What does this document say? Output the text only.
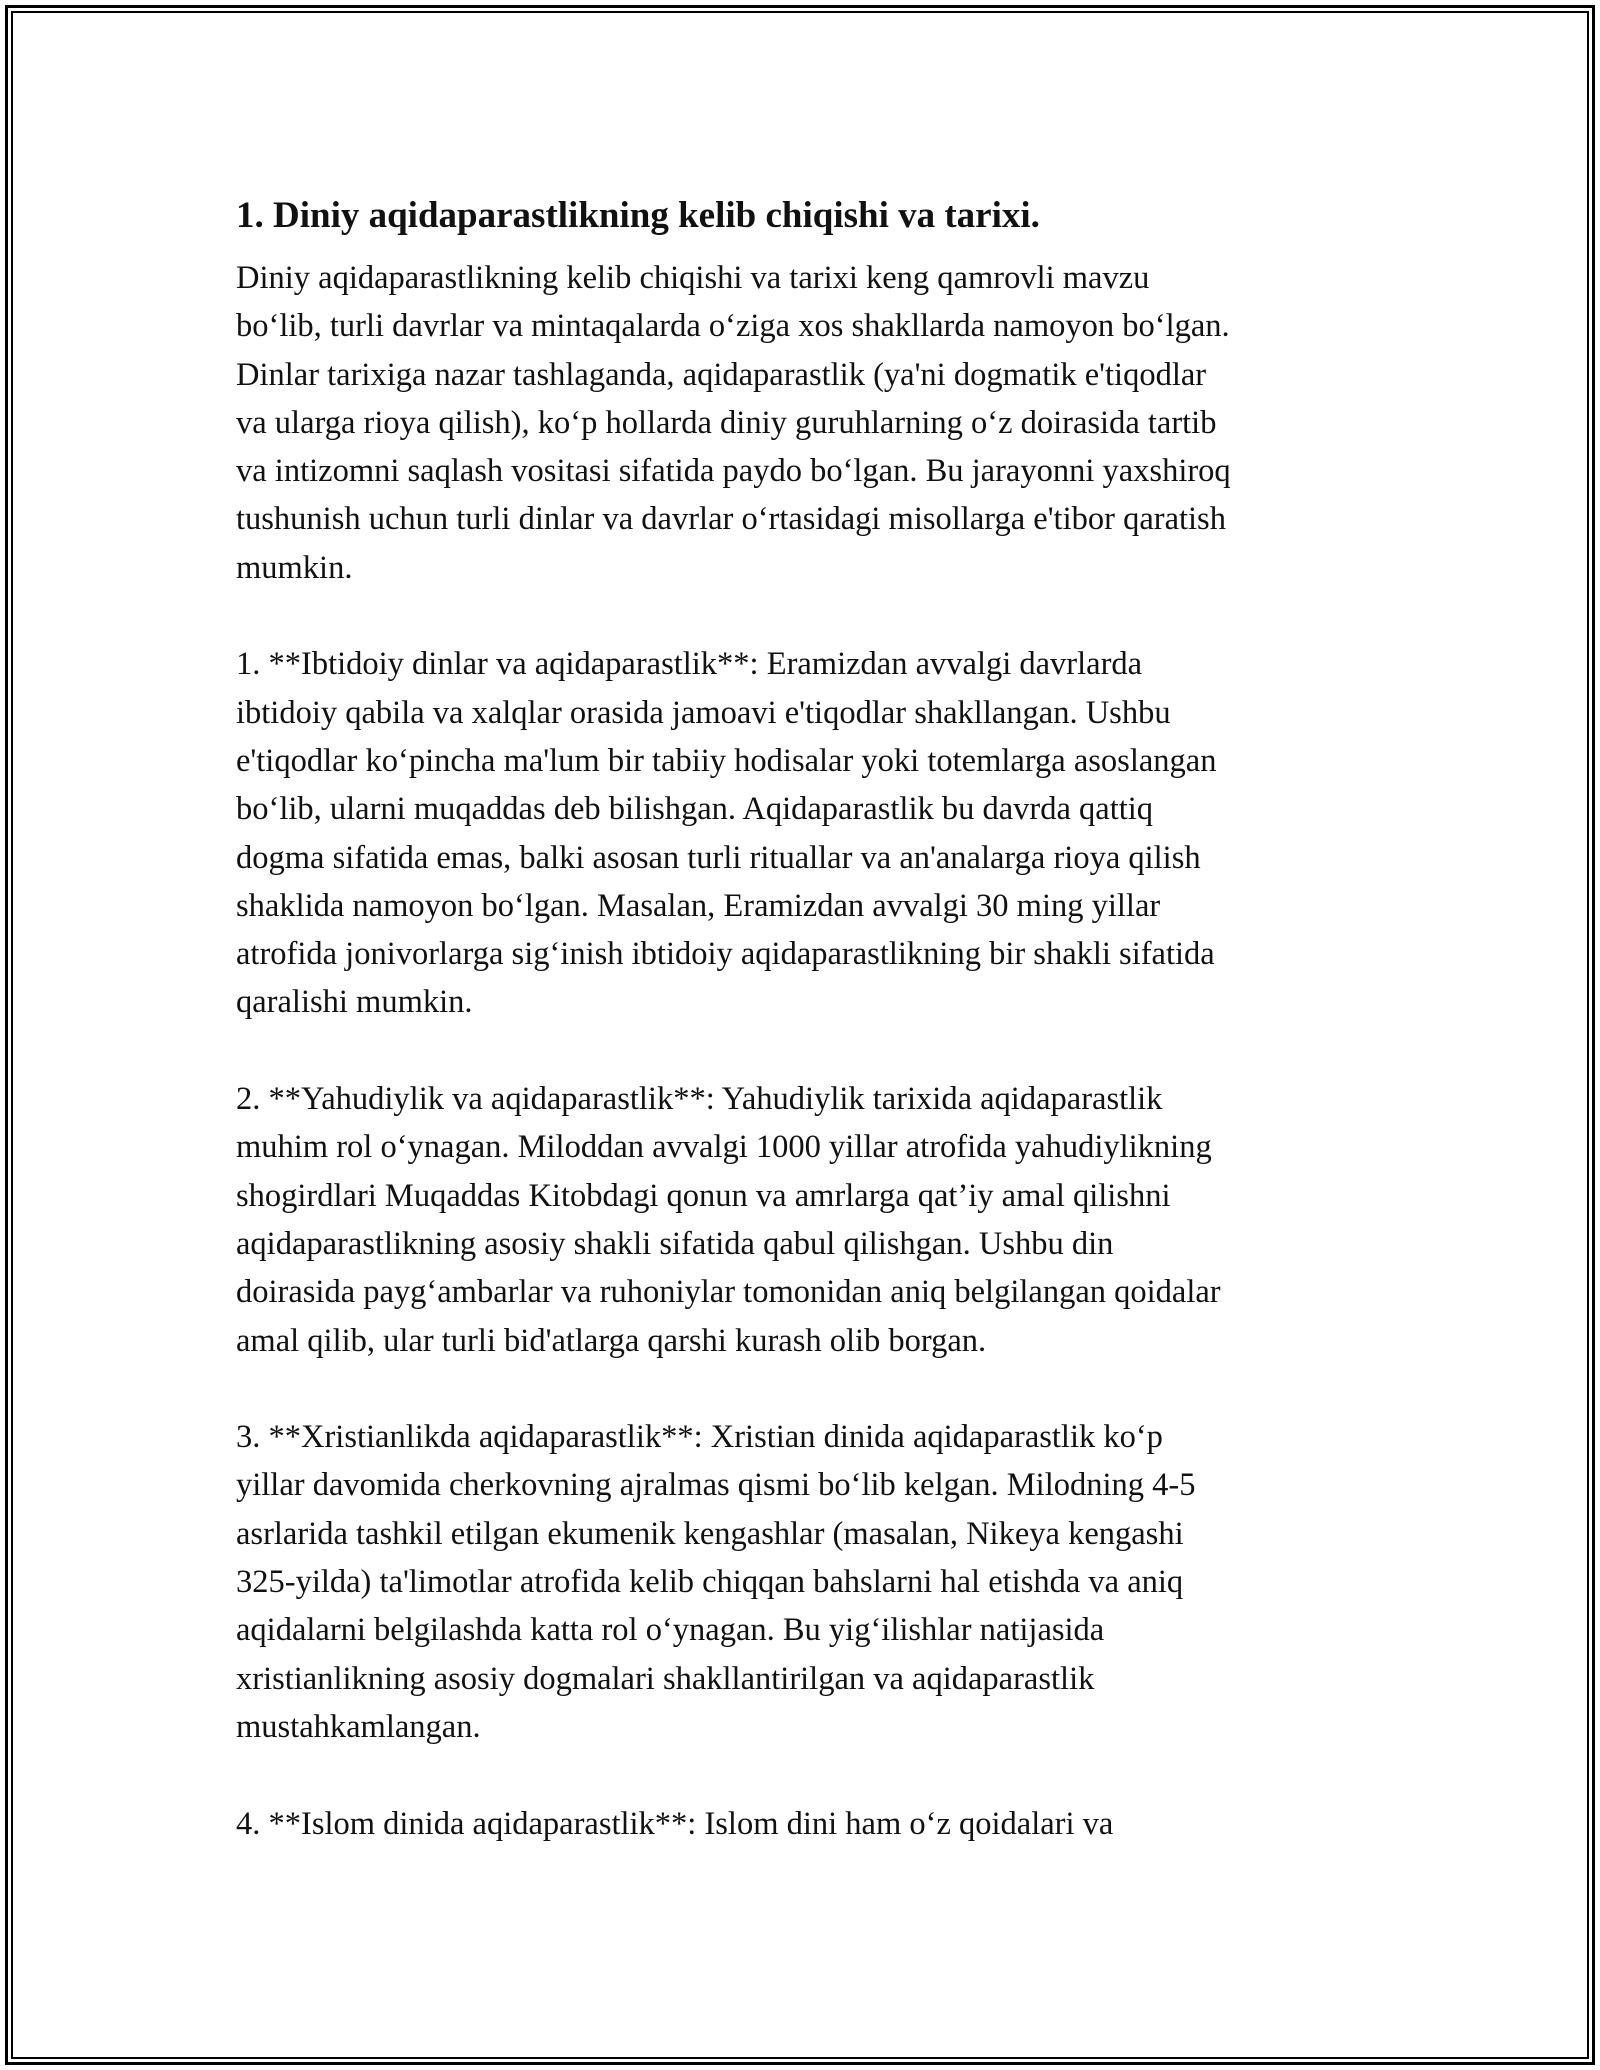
1. Diniy aqidaparastlikning kelib chiqishi va tarixi.
Diniy aqidaparastlikning kelib chiqishi va tarixi keng qamrovli mavzu
bo‘lib, turli davrlar va mintaqalarda o‘ziga xos shakllarda namoyon bo‘lgan.
Dinlar tarixiga nazar tashlaganda, aqidaparastlik (ya'ni dogmatik e'tiqodlar
va ularga rioya qilish), ko‘p hollarda diniy guruhlarning o‘z doirasida tartib
va intizomni saqlash vositasi sifatida paydo bo‘lgan. Bu jarayonni yaxshiroq
tushunish uchun turli dinlar va davrlar o‘rtasidagi misollarga e'tibor qaratish
mumkin.
1. **Ibtidoiy dinlar va aqidaparastlik**: Eramizdan avvalgi davrlarda
ibtidoiy qabila va xalqlar orasida jamoavi e'tiqodlar shakllangan. Ushbu
e'tiqodlar ko‘pincha ma'lum bir tabiiy hodisalar yoki totemlarga asoslangan
bo‘lib, ularni muqaddas deb bilishgan. Aqidaparastlik bu davrda qattiq
dogma sifatida emas, balki asosan turli rituallar va an'analarga rioya qilish
shaklida namoyon bo‘lgan. Masalan, Eramizdan avvalgi 30 ming yillar
atrofida jonivorlarga sig‘inish ibtidoiy aqidaparastlikning bir shakli sifatida
qaralishi mumkin.
2. **Yahudiylik va aqidaparastlik**: Yahudiylik tarixida aqidaparastlik
muhim rol o‘ynagan. Miloddan avvalgi 1000 yillar atrofida yahudiylikning
shogirdlari Muqaddas Kitobdagi qonun va amrlarga qat’iy amal qilishni
aqidaparastlikning asosiy shakli sifatida qabul qilishgan. Ushbu din
doirasida payg‘ambarlar va ruhoniylar tomonidan aniq belgilangan qoidalar
amal qilib, ular turli bid'atlarga qarshi kurash olib borgan.
3. **Xristianlikda aqidaparastlik**: Xristian dinida aqidaparastlik ko‘p
yillar davomida cherkovning ajralmas qismi bo‘lib kelgan. Milodning 4-5
asrlarida tashkil etilgan ekumenik kengashlar (masalan, Nikeya kengashi
325-yilda) ta'limotlar atrofida kelib chiqqan bahslarni hal etishda va aniq
aqidalarni belgilashda katta rol o‘ynagan. Bu yig‘ilishlar natijasida
xristianlikning asosiy dogmalari shakllantirilgan va aqidaparastlik
mustahkamlangan.
4. **Islom dinida aqidaparastlik**: Islom dini ham o‘z qoidalari va
